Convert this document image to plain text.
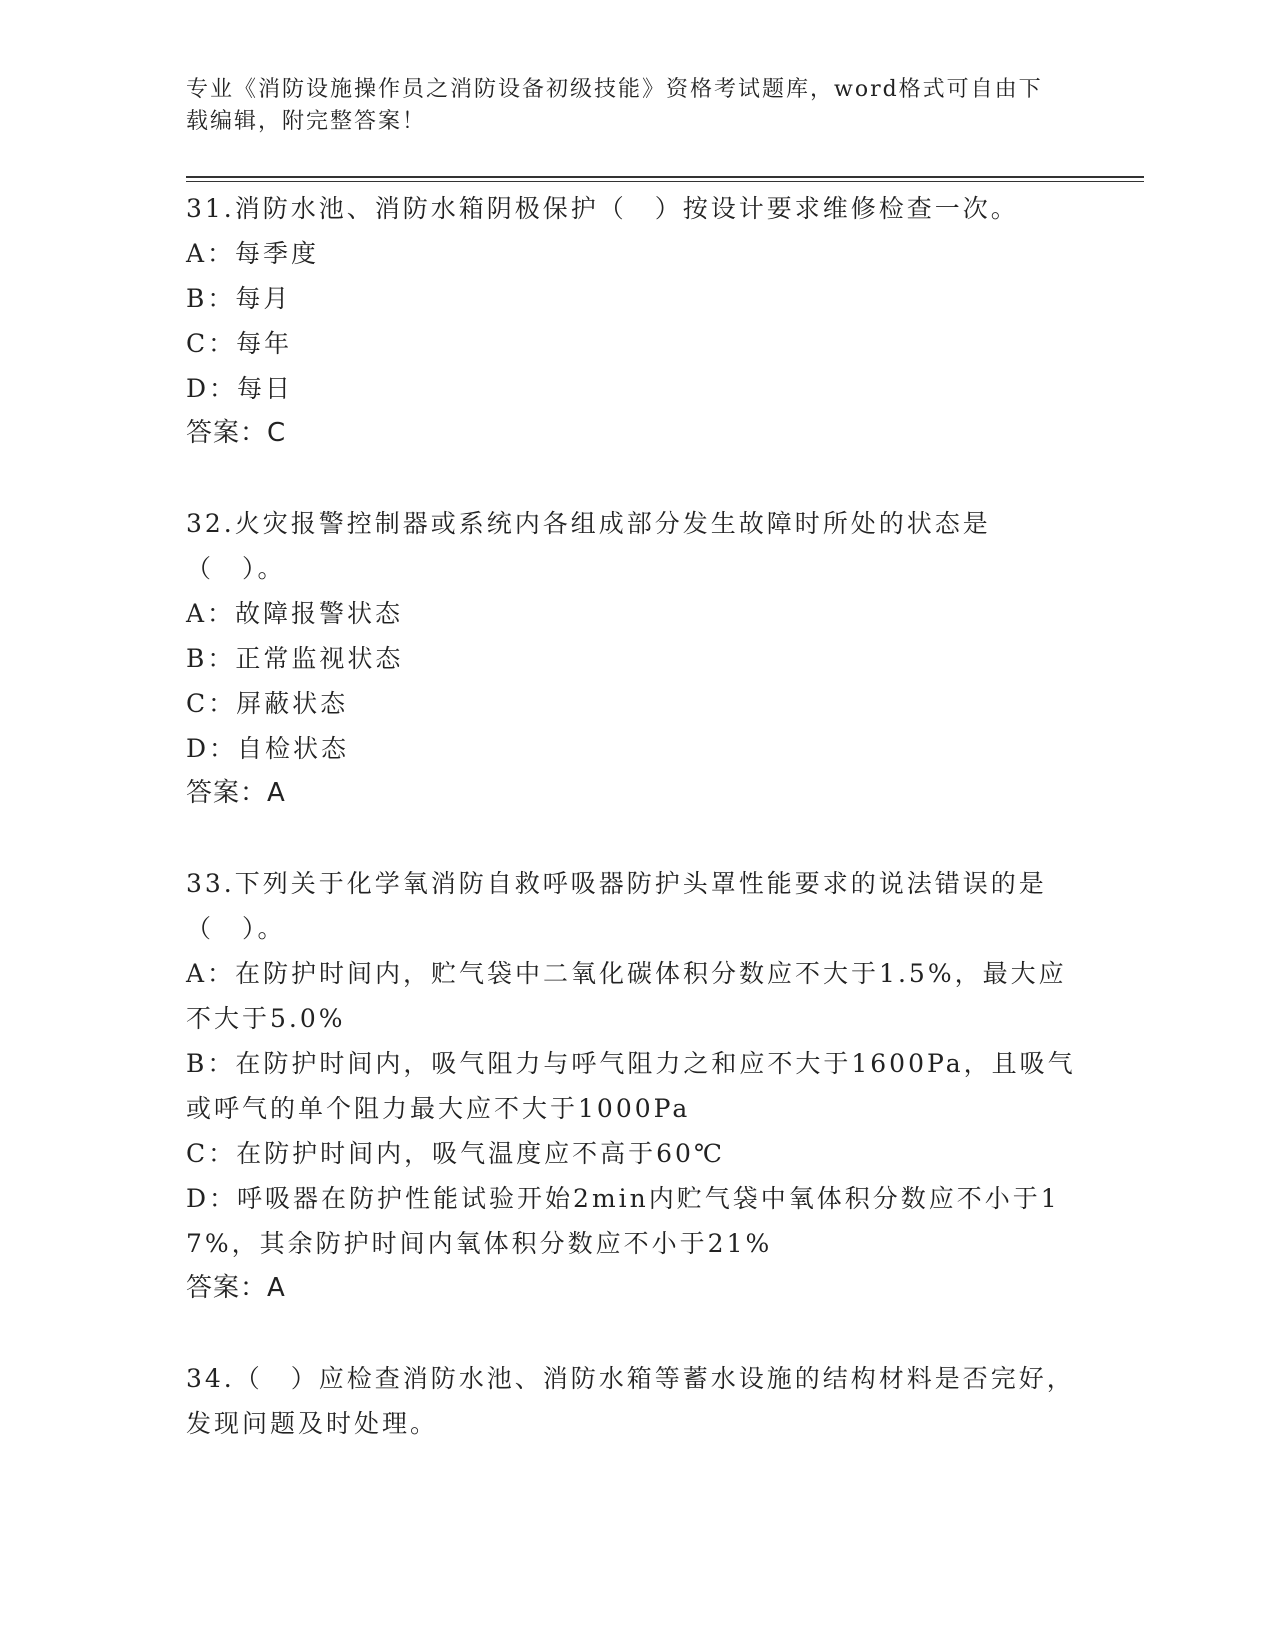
专业《消防设施操作员之消防设备初级技能》资格考试题库，word格式可自由下载编辑，附完整答案！
31.消防水池、消防水箱阴极保护（　）按设计要求维修检查一次。
A：每季度
B：每月
C：每年
D：每日
答案：C
32.火灾报警控制器或系统内各组成部分发生故障时所处的状态是（　）。
A：故障报警状态
B：正常监视状态
C：屏蔽状态
D：自检状态
答案：A
33.下列关于化学氧消防自救呼吸器防护头罩性能要求的说法错误的是（　）。
A：在防护时间内，贮气袋中二氧化碳体积分数应不大于1.5%，最大应不大于5.0%
B：在防护时间内，吸气阻力与呼气阻力之和应不大于1600Pa，且吸气或呼气的单个阻力最大应不大于1000Pa
C：在防护时间内，吸气温度应不高于60℃
D：呼吸器在防护性能试验开始2min内贮气袋中氧体积分数应不小于17%，其余防护时间内氧体积分数应不小于21%
答案：A
34.（　）应检查消防水池、消防水箱等蓄水设施的结构材料是否完好，发现问题及时处理。
